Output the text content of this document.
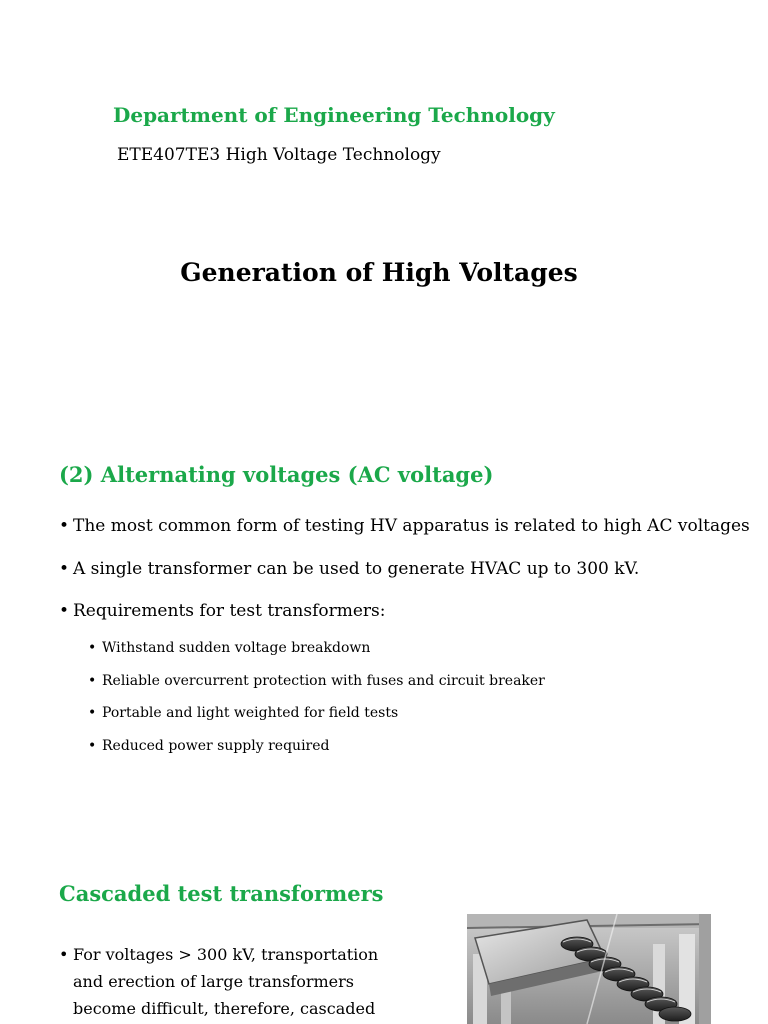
Department of Engineering Technology
ETE407TE3 High Voltage Technology
Generation of High Voltages
(2) Alternating voltages (AC voltage)
• The most common form of testing HV apparatus is related to high AC voltages
• A single transformer can be used to generate HVAC up to 300 kV.
• Requirements for test transformers:
• Withstand sudden voltage breakdown
• Reliable overcurrent protection with fuses and circuit breaker
• Portable and light weighted for field tests
• Reduced power supply required
Cascaded test transformers
• For voltages > 300 kV, transportation
and erection of large transformers
become difficult, therefore, cascaded
